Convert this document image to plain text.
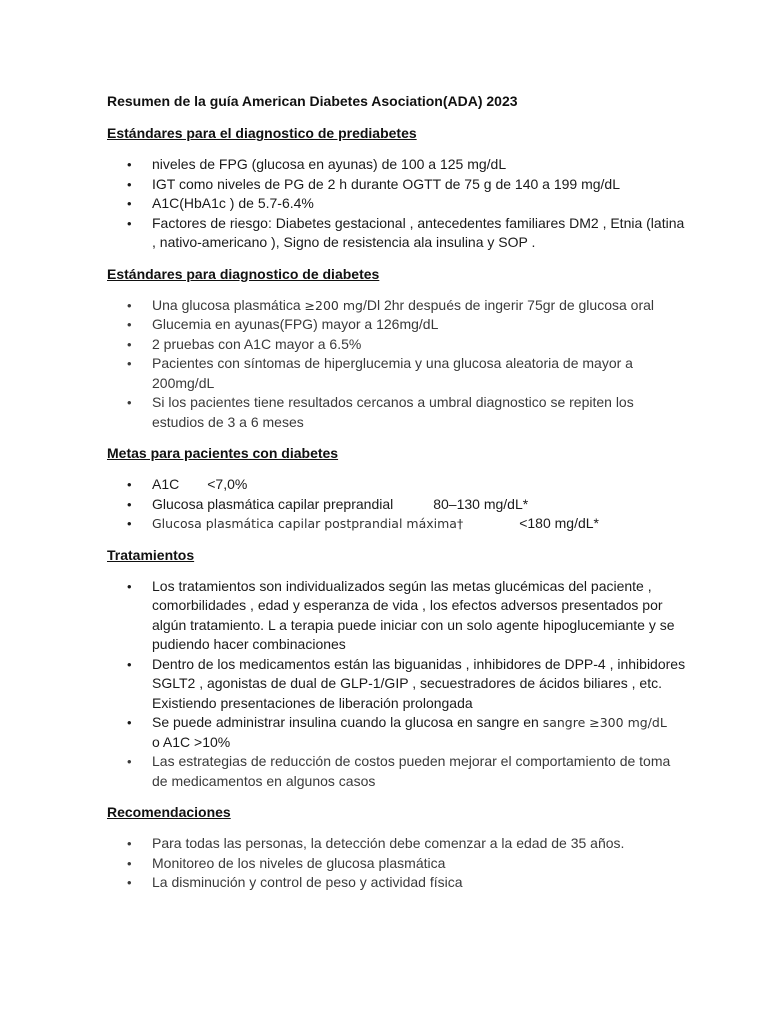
Resumen de la guía American Diabetes Asociation(ADA) 2023
Estándares para el diagnostico de prediabetes
• niveles de FPG (glucosa en ayunas) de 100 a 125 mg/dL
• IGT como niveles de PG de 2 h durante OGTT de 75 g de 140 a 199 mg/dL
• A1C(HbA1c ) de 5.7-6.4%
• Factores de riesgo: Diabetes gestacional , antecedentes familiares DM2 , Etnia (latina , nativo-americano ), Signo de resistencia ala insulina y SOP .
Estándares para diagnostico de diabetes
• Una glucosa plasmática ≥200 mg/Dl 2hr después de ingerir 75gr de glucosa oral
• Glucemia en ayunas(FPG) mayor a 126mg/dL
• 2 pruebas con A1C mayor a 6.5%
• Pacientes con síntomas de hiperglucemia y una glucosa aleatoria de mayor a 200mg/dL
• Si los pacientes tiene resultados cercanos a umbral diagnostico se repiten los estudios de 3 a 6 meses
Metas para pacientes con diabetes
• A1C <7,0%
• Glucosa plasmática capilar preprandial	80–130 mg/dL*
• Glucosa plasmática capilar postprandial máxima†	<180 mg/dL*
Tratamientos
• Los tratamientos son individualizados según las metas glucémicas del paciente , comorbilidades , edad y esperanza de vida , los efectos adversos presentados por algún tratamiento. L a terapia puede iniciar con un solo agente hipoglucemiante y se pudiendo hacer combinaciones
• Dentro de los medicamentos están las biguanidas , inhibidores de DPP-4 , inhibidores SGLT2 , agonistas de dual de GLP-1/GIP , secuestradores de ácidos biliares , etc. Existiendo presentaciones de liberación prolongada
• Se puede administrar insulina cuando la glucosa en sangre en sangre ≥300 mg/dL
o A1C >10%
• Las estrategias de reducción de costos pueden mejorar el comportamiento de toma de medicamentos en algunos casos
Recomendaciones
• Para todas las personas, la detección debe comenzar a la edad de 35 años.
• Monitoreo de los niveles de glucosa plasmática
• La disminución y control de peso y actividad física
